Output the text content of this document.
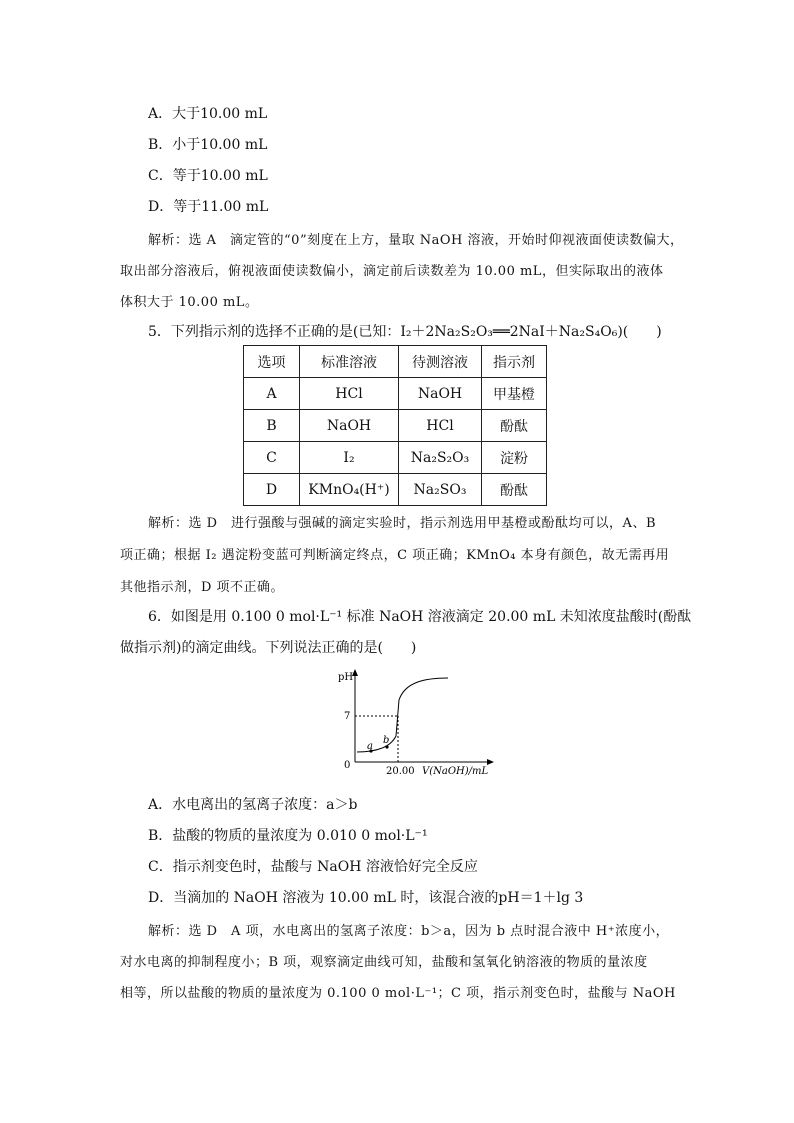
A．大于10.00 mL
B．小于10.00 mL
C．等于10.00 mL
D．等于11.00 mL
解析：选 A　滴定管的“0”刻度在上方，量取 NaOH 溶液，开始时仰视液面使读数偏大，
取出部分溶液后，俯视液面使读数偏小，滴定前后读数差为 10.00 mL，但实际取出的液体
体积大于 10.00 mL。
5．下列指示剂的选择不正确的是(已知：I₂＋2Na₂S₂O₃══2NaI＋Na₂S₄O₆)(　　)
选项	标准溶液	待测溶液	指示剂
A	HCl	NaOH	甲基橙
B	NaOH	HCl	酚酞
C	I₂	Na₂S₂O₃	淀粉
D	KMnO₄(H⁺)	Na₂SO₃	酚酞
解析：选 D　进行强酸与强碱的滴定实验时，指示剂选用甲基橙或酚酞均可以，A、B
项正确；根据 I₂ 遇淀粉变蓝可判断滴定终点，C 项正确；KMnO₄ 本身有颜色，故无需再用
其他指示剂，D 项不正确。
6．如图是用 0.100 0 mol·L⁻¹ 标准 NaOH 溶液滴定 20.00 mL 未知浓度盐酸时(酚酞
做指示剂)的滴定曲线。下列说法正确的是(　　)
pH
7
0
20.00 V(NaOH)/mL
a
b
A．水电离出的氢离子浓度：a＞b
B．盐酸的物质的量浓度为 0.010 0 mol·L⁻¹
C．指示剂变色时，盐酸与 NaOH 溶液恰好完全反应
D．当滴加的 NaOH 溶液为 10.00 mL 时，该混合液的pH＝1＋lg 3
解析：选 D　A 项，水电离出的氢离子浓度：b＞a，因为 b 点时混合液中 H⁺浓度小，
对水电离的抑制程度小；B 项，观察滴定曲线可知，盐酸和氢氧化钠溶液的物质的量浓度
相等，所以盐酸的物质的量浓度为 0.100 0 mol·L⁻¹；C 项，指示剂变色时，盐酸与 NaOH
